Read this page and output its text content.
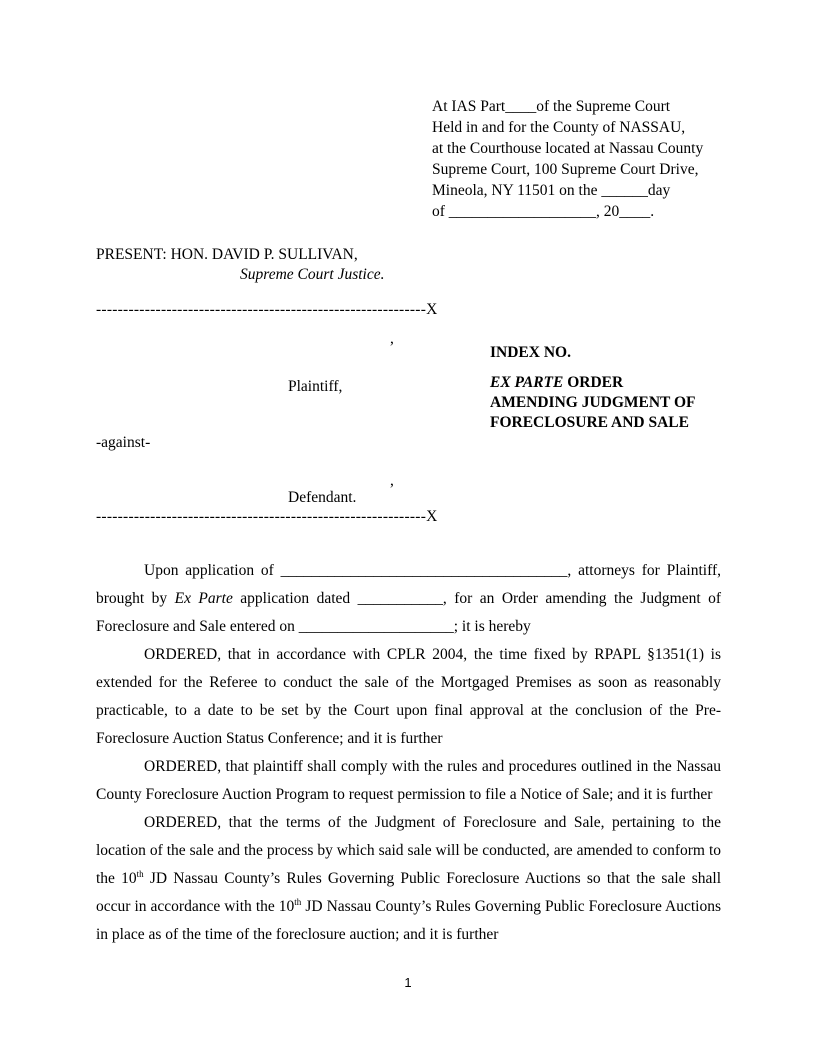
At IAS Part____of the Supreme Court
Held in and for the County of NASSAU,
at the Courthouse located at Nassau County
Supreme Court, 100 Supreme Court Drive,
Mineola, NY 11501 on the ______day
of ___________________, 20____.
PRESENT: HON. DAVID P. SULLIVAN,
Supreme Court Justice.
-------------------------------------------------------------X
,
Plaintiff,
-against-
,
Defendant.
-------------------------------------------------------------X
INDEX NO.
EX PARTE ORDER
AMENDING JUDGMENT OF
FORECLOSURE AND SALE
Upon application of _____________________________________, attorneys for Plaintiff, brought by Ex Parte application dated ___________, for an Order amending the Judgment of Foreclosure and Sale entered on ____________________; it is hereby
ORDERED, that in accordance with CPLR 2004, the time fixed by RPAPL §1351(1) is extended for the Referee to conduct the sale of the Mortgaged Premises as soon as reasonably practicable, to a date to be set by the Court upon final approval at the conclusion of the Pre-Foreclosure Auction Status Conference; and it is further
ORDERED, that plaintiff shall comply with the rules and procedures outlined in the Nassau County Foreclosure Auction Program to request permission to file a Notice of Sale; and it is further
ORDERED, that the terms of the Judgment of Foreclosure and Sale, pertaining to the location of the sale and the process by which said sale will be conducted, are amended to conform to the 10th JD Nassau County’s Rules Governing Public Foreclosure Auctions so that the sale shall occur in accordance with the 10th JD Nassau County’s Rules Governing Public Foreclosure Auctions in place as of the time of the foreclosure auction; and it is further
1
